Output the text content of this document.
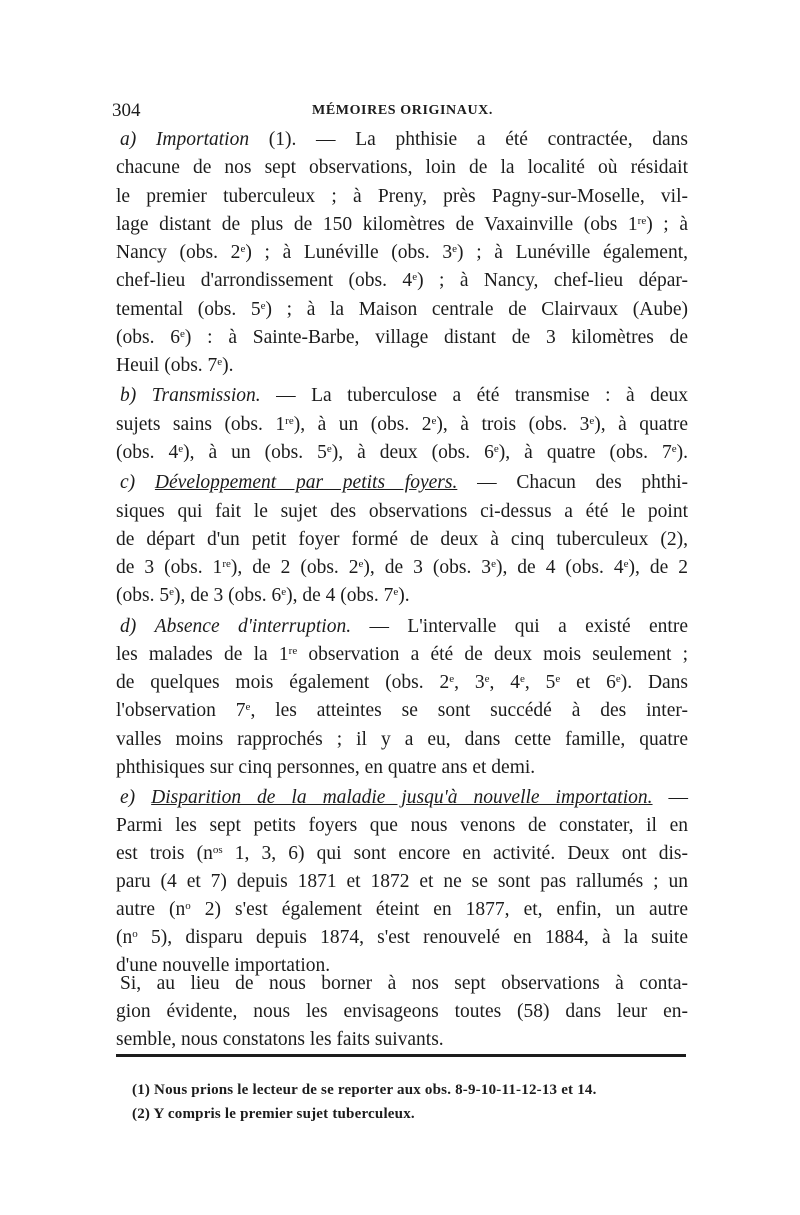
304	MÉMOIRES ORIGINAUX.
a) Importation (1). — La phthisie a été contractée, dans
chacune de nos sept observations, loin de la localité où résidait
le premier tuberculeux ; à Preny, près Pagny-sur-Moselle, vil-
lage distant de plus de 150 kilomètres de Vaxainville (obs 1re) ; à
Nancy (obs. 2e) ; à Lunéville (obs. 3e) ; à Lunéville également,
chef-lieu d'arrondissement (obs. 4e) ; à Nancy, chef-lieu dépar-
temental (obs. 5e) ; à la Maison centrale de Clairvaux (Aube)
(obs. 6e) : à Sainte-Barbe, village distant de 3 kilomètres de
Heuil (obs. 7e).
b) Transmission. — La tuberculose a été transmise : à deux
sujets sains (obs. 1re), à un (obs. 2e), à trois (obs. 3e), à quatre
(obs. 4e), à un (obs. 5e), à deux (obs. 6e), à quatre (obs. 7e).
c) Développement par petits foyers. — Chacun des phthi-
siques qui fait le sujet des observations ci-dessus a été le point
de départ d'un petit foyer formé de deux à cinq tuberculeux (2),
de 3 (obs. 1re), de 2 (obs. 2e), de 3 (obs. 3e), de 4 (obs. 4e), de 2
(obs. 5e), de 3 (obs. 6e), de 4 (obs. 7e).
d) Absence d'interruption. — L'intervalle qui a existé entre
les malades de la 1re observation a été de deux mois seulement ;
de quelques mois également (obs. 2e, 3e, 4e, 5e et 6e). Dans
l'observation 7e, les atteintes se sont succédé à des inter-
valles moins rapprochés ; il y a eu, dans cette famille, quatre
phthisiques sur cinq personnes, en quatre ans et demi.
e) Disparition de la maladie jusqu'à nouvelle importation. —
Parmi les sept petits foyers que nous venons de constater, il en
est trois ($n^{os}$ 1, 3, 6) qui sont encore en activité. Deux ont dis-
paru (4 et 7) depuis 1871 et 1872 et ne se sont pas rallumés ; un
autre ($n^o$ 2) s'est également éteint en 1877, et, enfin, un autre
($n^o$ 5), disparu depuis 1874, s'est renouvelé en 1884, à la suite
d'une nouvelle importation.
(1) Nous prions le lecteur de se reporter aux obs. 8-9-10-11-12-13 et 14.
(2) Y compris le premier sujet tuberculeux.
Si, au lieu de nous borner à nos sept observations à conta-
gion évidente, nous les envisageons toutes (58) dans leur en-
semble, nous constatons les faits suivants.
